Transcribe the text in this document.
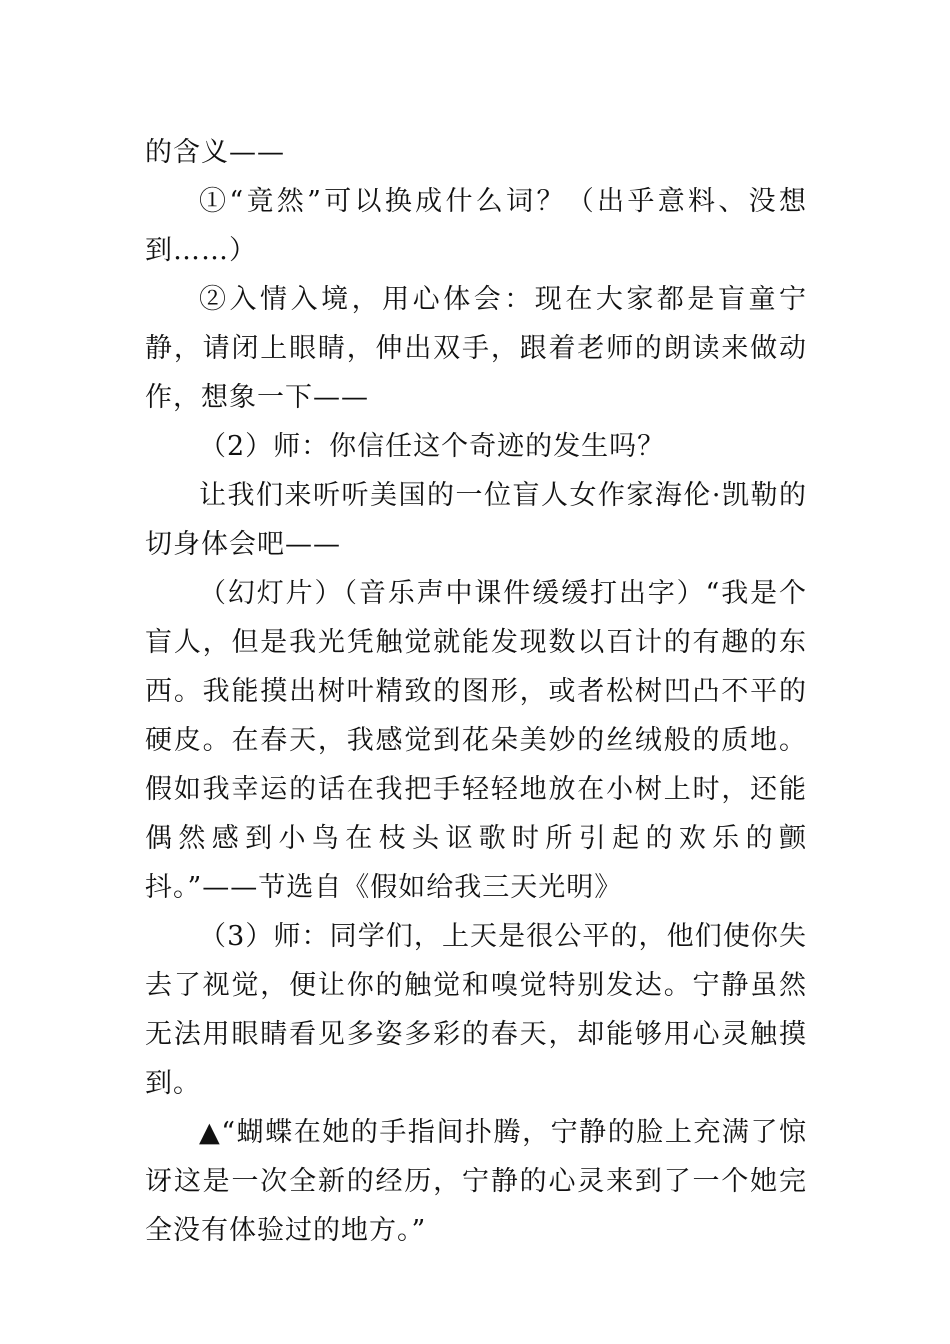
的含义——

①“竟然”可以换成什么词？（出乎意料、没想到……）

②入情入境，用心体会：现在大家都是盲童宁静，请闭上眼睛，伸出双手，跟着老师的朗读来做动作，想象一下——

（2）师：你信任这个奇迹的发生吗？

让我们来听听美国的一位盲人女作家海伦·凯勒的切身体会吧——

（幻灯片）（音乐声中课件缓缓打出字）“我是个盲人，但是我光凭触觉就能发现数以百计的有趣的东西。我能摸出树叶精致的图形，或者松树凹凸不平的硬皮。在春天，我感觉到花朵美妙的丝绒般的质地。假如我幸运的话在我把手轻轻地放在小树上时，还能偶然感到小鸟在枝头讴歌时所引起的欢乐的颤抖。”——节选自《假如给我三天光明》

（3）师：同学们，上天是很公平的，他们使你失去了视觉，便让你的触觉和嗅觉特别发达。宁静虽然无法用眼睛看见多姿多彩的春天，却能够用心灵触摸到。

▲“蝴蝶在她的手指间扑腾，宁静的脸上充满了惊讶这是一次全新的经历，宁静的心灵来到了一个她完全没有体验过的地方。”
